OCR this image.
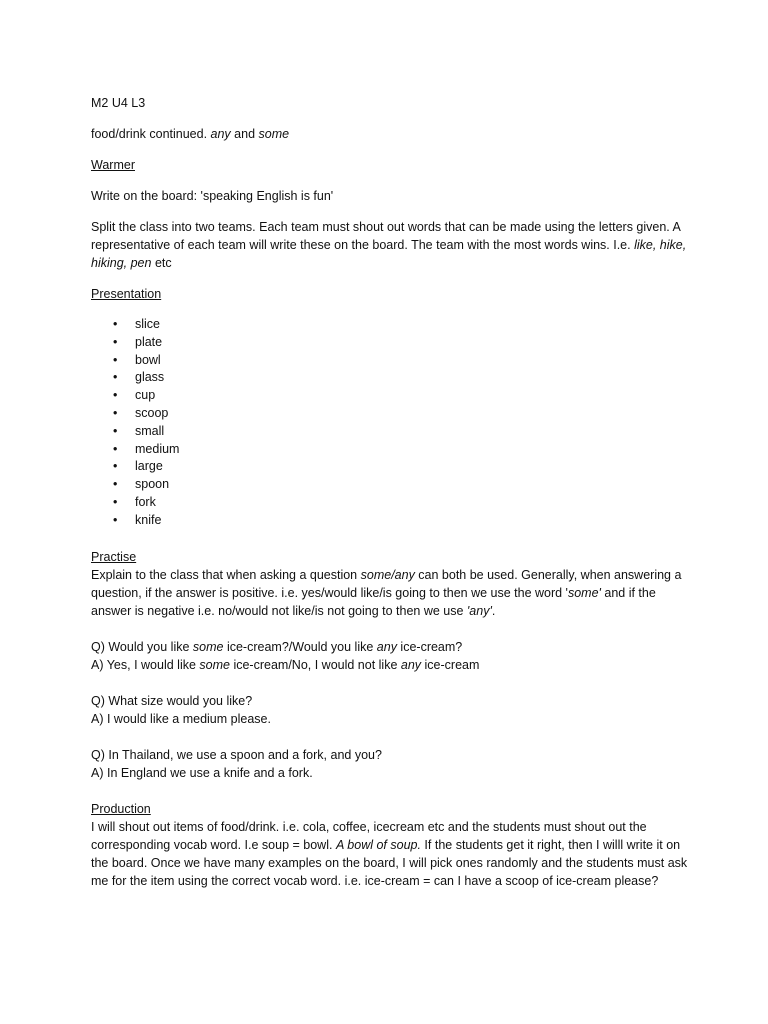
M2 U4 L3

food/drink continued. any and some

Warmer

Write on the board: 'speaking English is fun'

Split the class into two teams. Each team must shout out words that can be made using the letters given. A representative of each team will write these on the board. The team with the most words wins. I.e. like, hike, hiking, pen etc

Presentation

• slice
• plate
• bowl
• glass
• cup
• scoop
• small
• medium
• large
• spoon
• fork
• knife

Practise

Explain to the class that when asking a question some/any can both be used. Generally, when answering a question, if the answer is positive. i.e. yes/would like/is going to then we use the word 'some' and if the answer is negative i.e. no/would not like/is not going to then we use 'any'.

Q) Would you like some ice-cream?/Would you like any ice-cream?

A) Yes, I would like some ice-cream/No, I would not like any ice-cream

Q) What size would you like?

A) I would like a medium please.

Q) In Thailand, we use a spoon and a fork, and you?

A) In England we use a knife and a fork.

Production

I will shout out items of food/drink. i.e. cola, coffee, icecream etc and the students must shout out the corresponding vocab word. I.e soup = bowl. A bowl of soup. If the students get it right, then I willl write it on the board. Once we have many examples on the board, I will pick ones randomly and the students must ask me for the item using the correct vocab word. i.e. ice-cream = can I have a scoop of ice-cream please?
